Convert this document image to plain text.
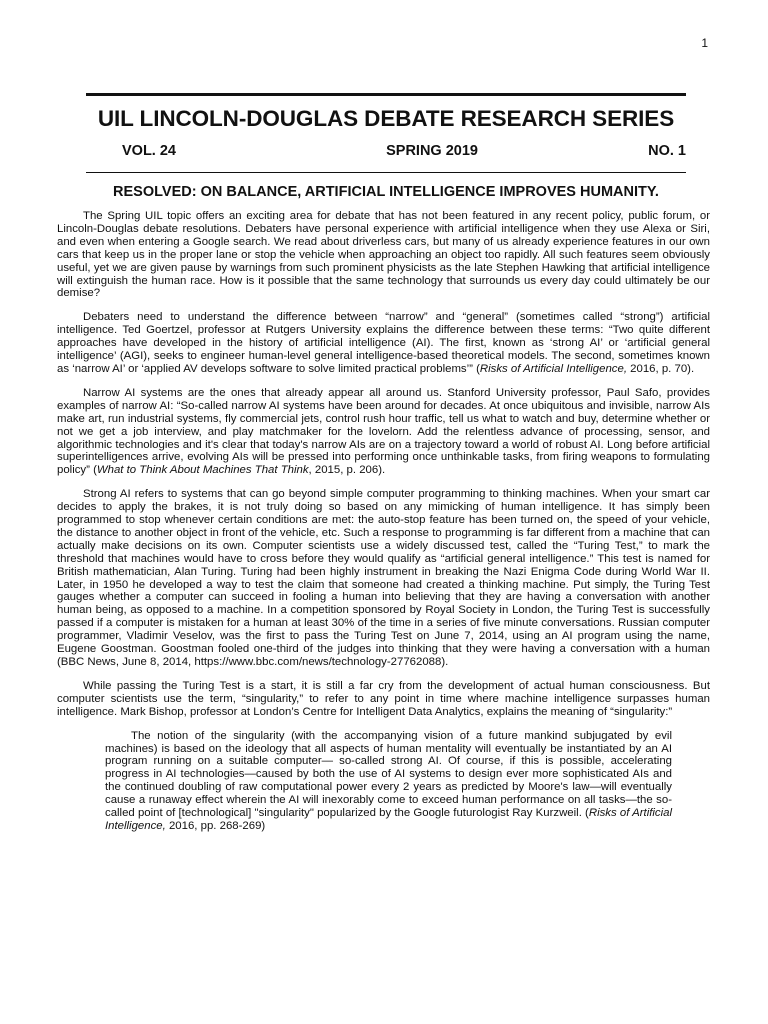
1
UIL LINCOLN-DOUGLAS DEBATE RESEARCH SERIES
VOL. 24	SPRING 2019	NO. 1
RESOLVED: ON BALANCE, ARTIFICIAL INTELLIGENCE IMPROVES HUMANITY.

The Spring UIL topic offers an exciting area for debate that has not been featured in any recent policy, public forum, or Lincoln-Douglas debate resolutions. Debaters have personal experience with artificial intelligence when they use Alexa or Siri, and even when entering a Google search. We read about driverless cars, but many of us already experience features in our own cars that keep us in the proper lane or stop the vehicle when approaching an object too rapidly. All such features seem obviously useful, yet we are given pause by warnings from such prominent physicists as the late Stephen Hawking that artificial intelligence will extinguish the human race. How is it possible that the same technology that surrounds us every day could ultimately be our demise?

Debaters need to understand the difference between “narrow” and “general” (sometimes called “strong”) artificial intelligence. Ted Goertzel, professor at Rutgers University explains the difference between these terms: “Two quite different approaches have developed in the history of artificial intelligence (AI). The first, known as ‘strong AI’ or ‘artificial general intelligence’ (AGI), seeks to engineer human-level general intelligence-based theoretical models. The second, sometimes known as ‘narrow AI’ or ‘applied AV develops software to solve limited practical problems’” (Risks of Artificial Intelligence, 2016, p. 70).

Narrow AI systems are the ones that already appear all around us. Stanford University professor, Paul Safo, provides examples of narrow AI: “So-called narrow AI systems have been around for decades. At once ubiquitous and invisible, narrow AIs make art, run industrial systems, fly commercial jets, control rush hour traffic, tell us what to watch and buy, determine whether or not we get a job interview, and play matchmaker for the lovelorn. Add the relentless advance of processing, sensor, and algorithmic technologies and it's clear that today's narrow AIs are on a trajectory toward a world of robust AI. Long before artificial superintelligences arrive, evolving AIs will be pressed into performing once unthinkable tasks, from firing weapons to formulating policy” (What to Think About Machines That Think, 2015, p. 206).

Strong AI refers to systems that can go beyond simple computer programming to thinking machines. When your smart car decides to apply the brakes, it is not truly doing so based on any mimicking of human intelligence. It has simply been programmed to stop whenever certain conditions are met: the auto-stop feature has been turned on, the speed of your vehicle, the distance to another object in front of the vehicle, etc. Such a response to programming is far different from a machine that can actually make decisions on its own. Computer scientists use a widely discussed test, called the “Turing Test,” to mark the threshold that machines would have to cross before they would qualify as “artificial general intelligence.” This test is named for British mathematician, Alan Turing. Turing had been highly instrument in breaking the Nazi Enigma Code during World War II. Later, in 1950 he developed a way to test the claim that someone had created a thinking machine. Put simply, the Turing Test gauges whether a computer can succeed in fooling a human into believing that they are having a conversation with another human being, as opposed to a machine. In a competition sponsored by Royal Society in London, the Turing Test is successfully passed if a computer is mistaken for a human at least 30% of the time in a series of five minute conversations. Russian computer programmer, Vladimir Veselov, was the first to pass the Turing Test on June 7, 2014, using an AI program using the name, Eugene Goostman. Goostman fooled one-third of the judges into thinking that they were having a conversation with a human (BBC News, June 8, 2014, https://www.bbc.com/news/technology-27762088).

While passing the Turing Test is a start, it is still a far cry from the development of actual human consciousness. But computer scientists use the term, “singularity,” to refer to any point in time where machine intelligence surpasses human intelligence. Mark Bishop, professor at London’s Centre for Intelligent Data Analytics, explains the meaning of “singularity:”

The notion of the singularity (with the accompanying vision of a future mankind subjugated by evil machines) is based on the ideology that all aspects of human mentality will eventually be instantiated by an AI program running on a suitable computer— so-called strong AI. Of course, if this is possible, accelerating progress in AI technologies—caused by both the use of AI systems to design ever more sophisticated AIs and the continued doubling of raw computational power every 2 years as predicted by Moore's law—will eventually cause a runaway effect wherein the AI will inexorably come to exceed human performance on all tasks—the so-called point of [technological] "singularity" popularized by the Google futurologist Ray Kurzweil. (Risks of Artificial Intelligence, 2016, pp. 268-269)
